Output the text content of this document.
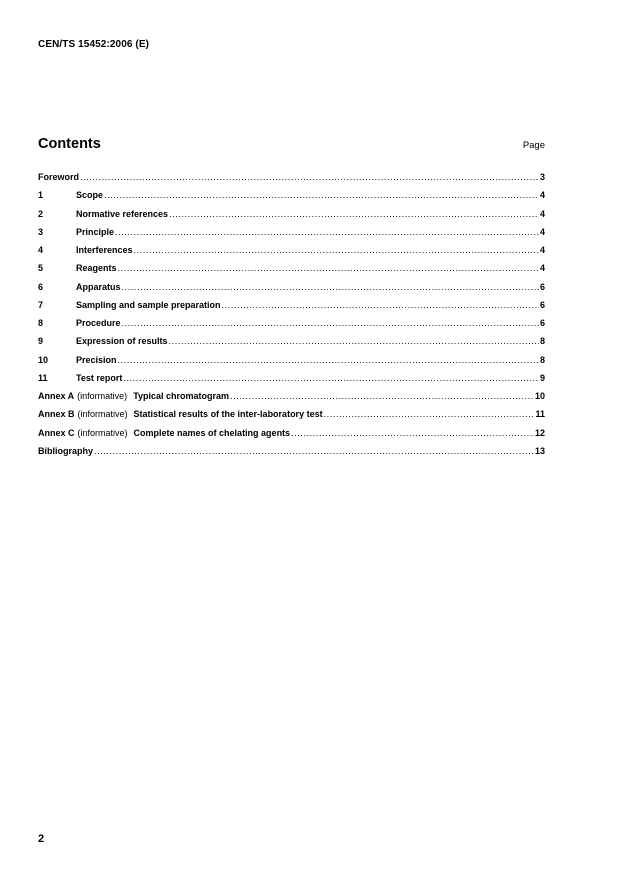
CEN/TS 15452:2006 (E)
Contents	Page
Foreword .....	3
1	Scope .....	4
2	Normative references .....	4
3	Principle .....	4
4	Interferences .....	4
5	Reagents .....	4
6	Apparatus .....	6
7	Sampling and sample preparation .....	6
8	Procedure .....	6
9	Expression of results .....	8
10	Precision .....	8
11	Test report .....	9
Annex A (informative) Typical chromatogram .....	10
Annex B (informative) Statistical results of the inter-laboratory test .....	11
Annex C (informative) Complete names of chelating agents .....	12
Bibliography .....	13
2
